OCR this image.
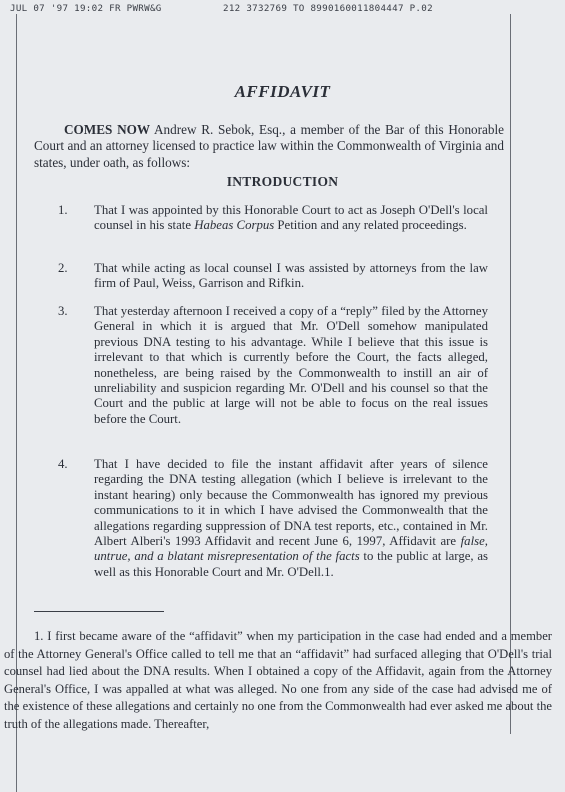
JUL 07 '97 19:02 FR PWRW&G	212 3732769 TO 8990160011804447 P.02
AFFIDAVIT
COMES NOW Andrew R. Sebok, Esq., a member of the Bar of this Honorable Court and an attorney licensed to practice law within the Commonwealth of Virginia and states, under oath, as follows:
INTRODUCTION
1.	That I was appointed by this Honorable Court to act as Joseph O'Dell's local counsel in his state Habeas Corpus Petition and any related proceedings.
2.	That while acting as local counsel I was assisted by attorneys from the law firm of Paul, Weiss, Garrison and Rifkin.
3.	That yesterday afternoon I received a copy of a “reply” filed by the Attorney General in which it is argued that Mr. O'Dell somehow manipulated previous DNA testing to his advantage. While I believe that this issue is irrelevant to that which is currently before the Court, the facts alleged, nonetheless, are being raised by the Commonwealth to instill an air of unreliability and suspicion regarding Mr. O'Dell and his counsel so that the Court and the public at large will not be able to focus on the real issues before the Court.
4.	That I have decided to file the instant affidavit after years of silence regarding the DNA testing allegation (which I believe is irrelevant to the instant hearing) only because the Commonwealth has ignored my previous communications to it in which I have advised the Commonwealth that the allegations regarding suppression of DNA test reports, etc., contained in Mr. Albert Alberi's 1993 Affidavit and recent June 6, 1997, Affidavit are false, untrue, and a blatant misrepresentation of the facts to the public at large, as well as this Honorable Court and Mr. O'Dell.1.
1. I first became aware of the “affidavit” when my participation in the case had ended and a member of the Attorney General's Office called to tell me that an “affidavit” had surfaced alleging that O'Dell's trial counsel had lied about the DNA results. When I obtained a copy of the Affidavit, again from the Attorney General's Office, I was appalled at what was alleged. No one from any side of the case had advised me of the existence of these allegations and certainly no one from the Commonwealth had ever asked me about the truth of the allegations made. Thereafter,
